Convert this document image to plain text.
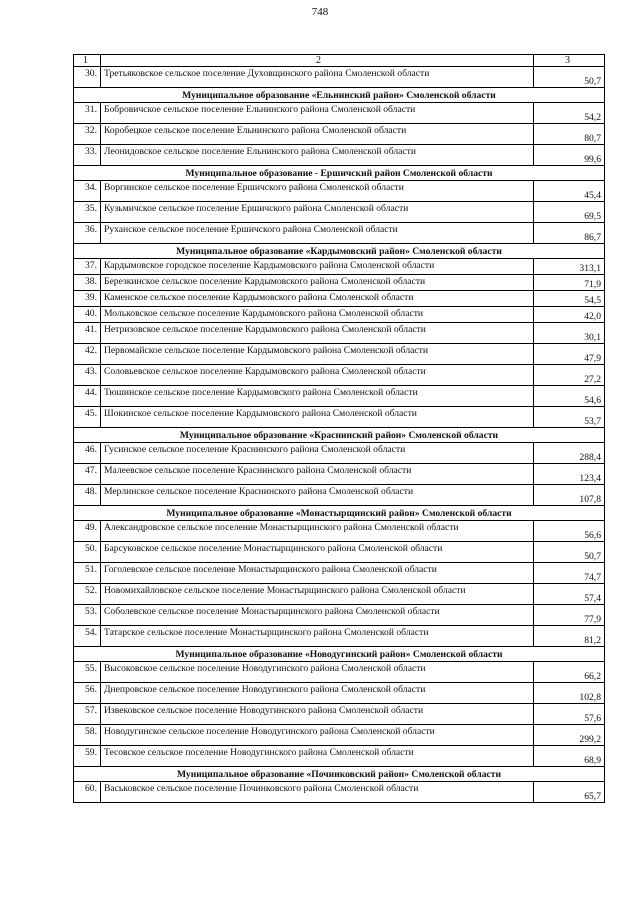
748
1	2	3
30.	Третьяковское сельское поселение Духовщинского района Смоленской области	50,7
Муниципальное образование «Ельнинский район» Смоленской области		
31.	Бобровичское сельское поселение Ельнинского района Смоленской области	54,2
32.	Коробецкое сельское поселение Ельнинского района Смоленской области	80,7
33.	Леонидовское сельское поселение Ельнинского района Смоленской области	99,6
Муниципальное образование - Ершичский район Смоленской области		
34.	Воргинское сельское поселение Ершичского района Смоленской области	45,4
35.	Кузьмичское сельское поселение Ершичского района Смоленской области	69,5
36.	Руханское сельское поселение Ершичского района Смоленской области	86,7
Муниципальное образование «Кардымовский район» Смоленской области		
37.	Кардымовское городское поселение Кардымовского района Смоленской области	313,1
38.	Березкинское сельское поселение Кардымовского района Смоленской области	71,9
39.	Каменское сельское поселение Кардымовского района Смоленской области	54,5
40.	Мольковское сельское поселение Кардымовского района Смоленской области	42,0
41.	Нетризовское сельское поселение Кардымовского района Смоленской области	30,1
42.	Первомайское сельское поселение Кардымовского района Смоленской области	47,9
43.	Соловьевское сельское поселение Кардымовского района Смоленской области	27,2
44.	Тюшинское сельское поселение Кардымовского района Смоленской области	54,6
45.	Шокинское сельское поселение Кардымовского района Смоленской области	53,7
Муниципальное образование «Краснинский район» Смоленской области		
46.	Гусинское сельское поселение Краснинского района Смоленской области	288,4
47.	Малеевское сельское поселение Краснинского района Смоленской области	123,4
48.	Мерлинское сельское поселение Краснинского района Смоленской области	107,8
Муниципальное образование «Монастырщинский район» Смоленской области		
49.	Александровское сельское поселение Монастырщинского района Смоленской области	56,6
50.	Барсуковское сельское поселение Монастырщинского района Смоленской области	50,7
51.	Гоголевское сельское поселение Монастырщинского района Смоленской области	74,7
52.	Новомихайловское сельское поселение Монастырщинского района Смоленской области	57,4
53.	Соболевское сельское поселение Монастырщинского района Смоленской области	77,9
54.	Татарское сельское поселение Монастырщинского района Смоленской области	81,2
Муниципальное образование «Новодугинский район» Смоленской области		
55.	Высоковское сельское поселение Новодугинского района Смоленской области	66,2
56.	Днепровское сельское поселение Новодугинского района Смоленской области	102,8
57.	Извековское сельское поселение Новодугинского района Смоленской области	57,6
58.	Новодугинское сельское поселение Новодугинского района Смоленской области	299,2
59.	Тесовское сельское поселение Новодугинского района Смоленской области	68,9
Муниципальное образование «Починковский район» Смоленской области		
60.	Васьковское сельское поселение Починковского района Смоленской области	65,7
